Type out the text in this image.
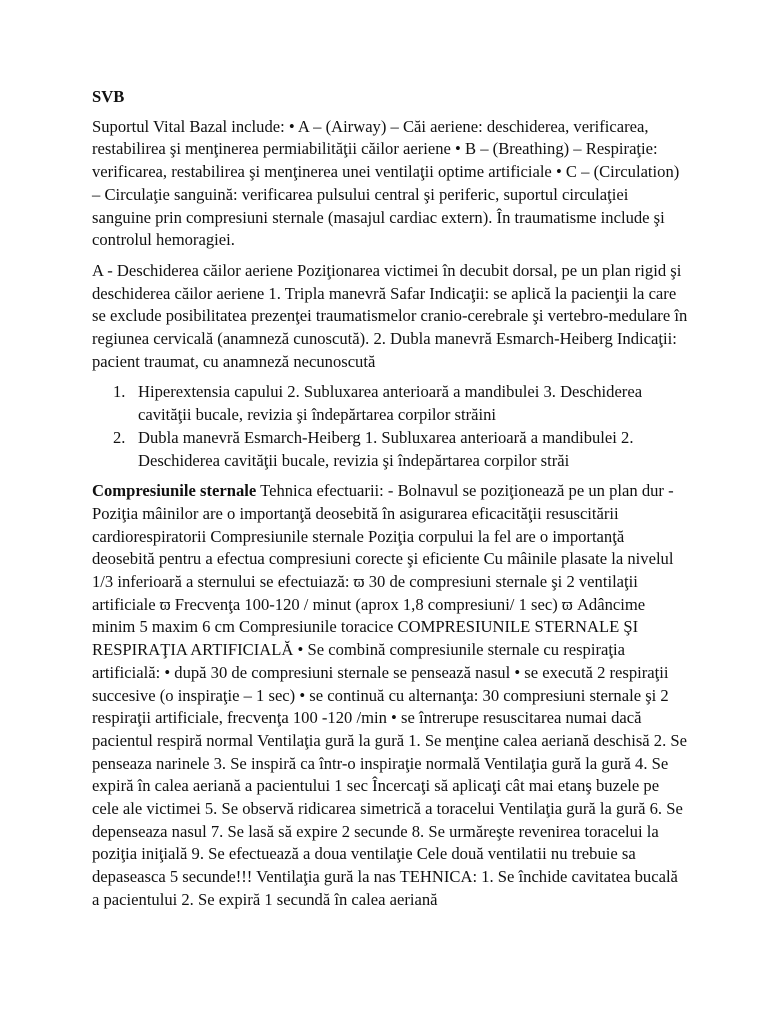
SVB

Suportul Vital Bazal include: • A – (Airway) – Căi aeriene: deschiderea, verificarea, restabilirea şi menţinerea permiabilităţii căilor aeriene • B – (Breathing) – Respiraţie: verificarea, restabilirea şi menţinerea unei ventilaţii optime artificiale • C – (Circulation) – Circulaţie sanguină: verificarea pulsului central şi periferic, suportul circulaţiei sanguine prin compresiuni sternale (masajul cardiac extern). În traumatisme include şi controlul hemoragiei.

A - Deschiderea căilor aeriene Poziţionarea victimei în decubit dorsal, pe un plan rigid şi deschiderea căilor aeriene 1. Tripla manevră Safar Indicaţii: se aplică la pacienţii la care se exclude posibilitatea prezenţei traumatismelor cranio-cerebrale şi vertebro-medulare în regiunea cervicală (anamneză cunoscută). 2. Dubla manevră Esmarch-Heiberg Indicaţii: pacient traumat, cu anamneză necunoscută

1. Hiperextensia capului 2. Subluxarea anterioară a mandibulei 3. Deschiderea cavităţii bucale, revizia şi îndepărtarea corpilor străini
2. Dubla manevră Esmarch-Heiberg 1. Subluxarea anterioară a mandibulei 2. Deschiderea cavităţii bucale, revizia şi îndepărtarea corpilor străi

Compresiunile sternale Tehnica efectuarii: - Bolnavul se poziţionează pe un plan dur - Poziţia mâinilor are o importanţă deosebită în asigurarea eficacităţii resuscitării cardiorespiratorii Compresiunile sternale Poziţia corpului la fel are o importanţă deosebită pentru a efectua compresiuni corecte şi eficiente Cu mâinile plasate la nivelul 1/3 inferioară a sternului se efectuiază: ϖ 30 de compresiuni sternale şi 2 ventilaţii artificiale ϖ Frecvenţa 100-120 / minut (aprox 1,8 compresiuni/ 1 sec) ϖ Adâncime minim 5 maxim 6 cm Compresiunile toracice COMPRESIUNILE STERNALE ŞI RESPIRAŢIA ARTIFICIALĂ • Se combină compresiunile sternale cu respiraţia artificială: • după 30 de compresiuni sternale se pensează nasul • se execută 2 respiraţii succesive (o inspiraţie – 1 sec) • se continuă cu alternanţa: 30 compresiuni sternale şi 2 respiraţii artificiale, frecvenţa 100 -120 /min • se întrerupe resuscitarea numai dacă pacientul respiră normal Ventilaţia gură la gură 1. Se menţine calea aeriană deschisă 2. Se penseaza narinele 3. Se inspiră ca într-o inspiraţie normală Ventilaţia gură la gură 4. Se expiră în calea aeriană a pacientului 1 sec Încercaţi să aplicaţi cât mai etanş buzele pe cele ale victimei 5. Se observă ridicarea simetrică a toracelui Ventilaţia gură la gură 6. Se depenseaza nasul 7. Se lasă să expire 2 secunde 8. Se urmăreşte revenirea toracelui la poziţia iniţială 9. Se efectuează a doua ventilaţie Cele două ventilatii nu trebuie sa depaseasca 5 secunde!!! Ventilaţia gură la nas TEHNICA: 1. Se închide cavitatea bucală a pacientului 2. Se expiră 1 secundă în calea aeriană
